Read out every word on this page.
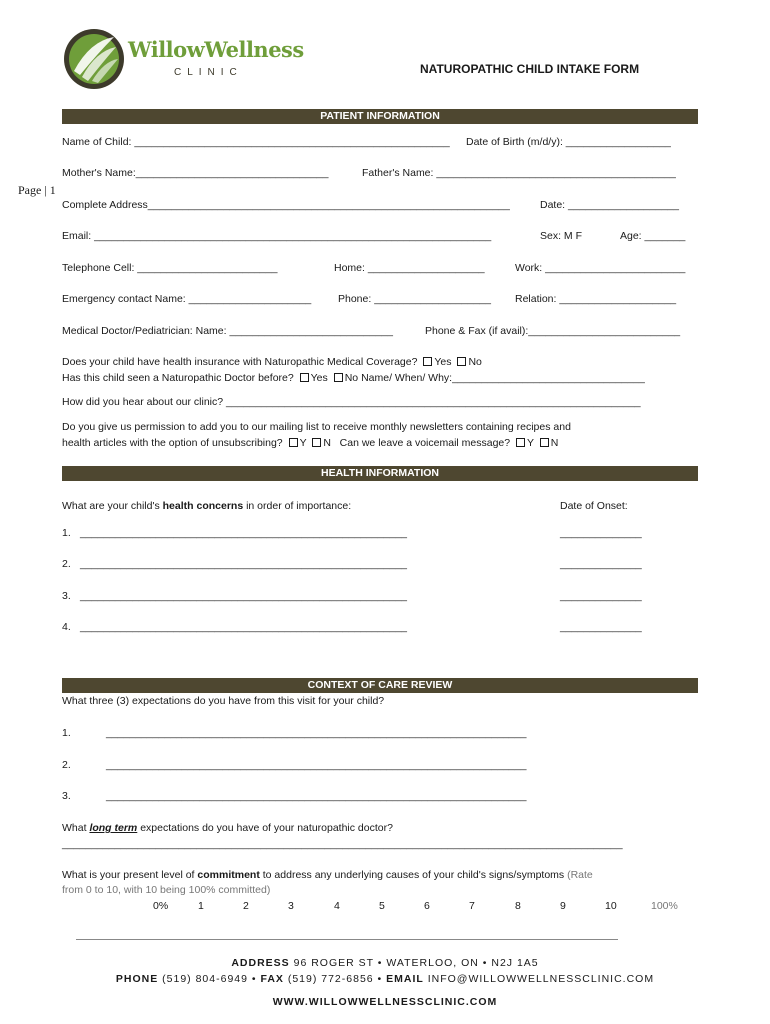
WillowWellness
CLINIC	NATUROPATHIC CHILD INTAKE FORM
Page | 1
PATIENT INFORMATION
Name of Child: ______________________________________________________ Date of Birth (m/d/y): __________________
Mother's Name:_________________________________	Father's Name: _________________________________________
Complete Address______________________________________________________________	Date: ___________________
Email: ____________________________________________________________________	Sex: M F	Age: _______
Telephone Cell: ________________________	Home: ____________________	Work: ________________________
Emergency contact Name: _____________________	Phone: ____________________ Relation: ____________________
Medical Doctor/Pediatrician: Name: ____________________________	Phone & Fax (if avail):__________________________
Does your child have health insurance with Naturopathic Medical Coverage? Yes No
Has this child seen a Naturopathic Doctor before? Yes No Name/ When/ Why:_________________________________
How did you hear about our clinic? _______________________________________________________________________
Do you give us permission to add you to our mailing list to receive monthly newsletters containing recipes and
health articles with the option of unsubscribing? Y N Can we leave a voicemail message? Y N
HEALTH INFORMATION
What are your child's health concerns in order of importance:	Date of Onset:
1. ________________________________________________________	______________
2. ________________________________________________________	______________
3. ________________________________________________________	______________
4. ________________________________________________________	______________
CONTEXT OF CARE REVIEW
What three (3) expectations do you have from this visit for your child?
1.	________________________________________________________________________
2.	________________________________________________________________________
3.	________________________________________________________________________
What long term expectations do you have of your naturopathic doctor?
________________________________________________________________________________________________
What is your present level of commitment to address any underlying causes of your child's signs/symptoms (Rate
from 0 to 10, with 10 being 100% committed)
0%	1	2	3	4	5	6	7	8	9	10	100%
ADDRESS 96 ROGER ST • WATERLOO, ON • N2J 1A5
PHONE (519) 804-6949 • FAX (519) 772-6856 • EMAIL INFO@WILLOWWELLNESSCLINIC.COM
WWW.WILLOWWELLNESSCLINIC.COM
